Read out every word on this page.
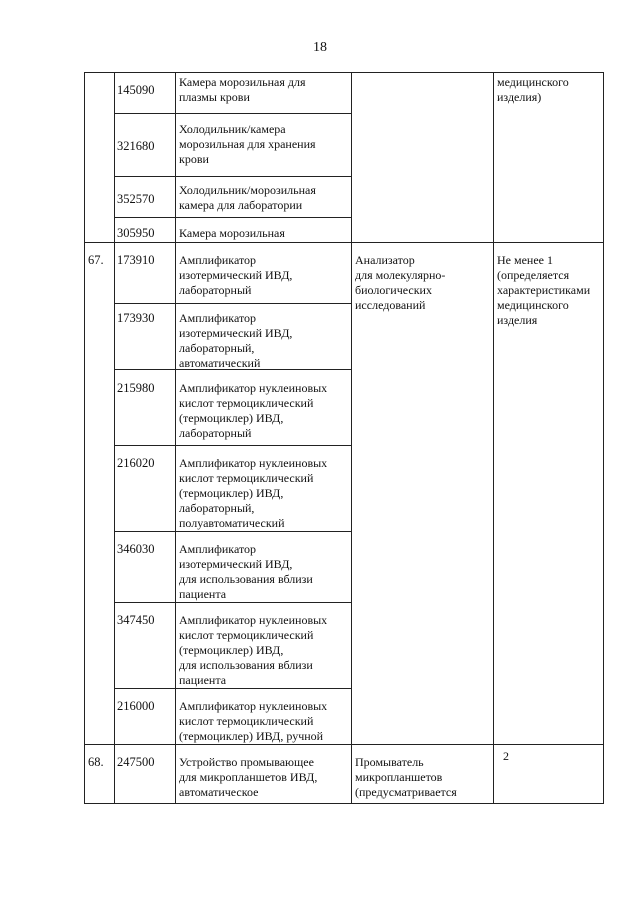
18
медицинского
изделия)
145090
Камера морозильная для
плазмы крови
321680
Холодильник/камера
морозильная для хранения
крови
352570
Холодильник/морозильная
камера для лаборатории
305950 Камера морозильная
67.	Анализатор
для молекулярно-
биологических
исследований
Не менее 1
(определяется
характеристиками
медицинского
изделия
173910 Амплификатор
изотермический ИВД,
лабораторный
173930 Амплификатор
изотермический ИВД,
лабораторный,
автоматический
215980 Амплификатор нуклеиновых
кислот термоциклический
(термоциклер) ИВД,
лабораторный
216020 Амплификатор нуклеиновых
кислот термоциклический
(термоциклер) ИВД,
лабораторный,
полуавтоматический
346030 Амплификатор
изотермический ИВД,
для использования вблизи
пациента
347450 Амплификатор нуклеиновых
кислот термоциклический
(термоциклер) ИВД,
для использования вблизи
пациента
216000 Амплификатор нуклеиновых
кислот термоциклический
(термоциклер) ИВД, ручной
68. 247500 Устройство промывающее
для микропланшетов ИВД,
автоматическое
Промыватель
микропланшетов
(предусматривается
2
